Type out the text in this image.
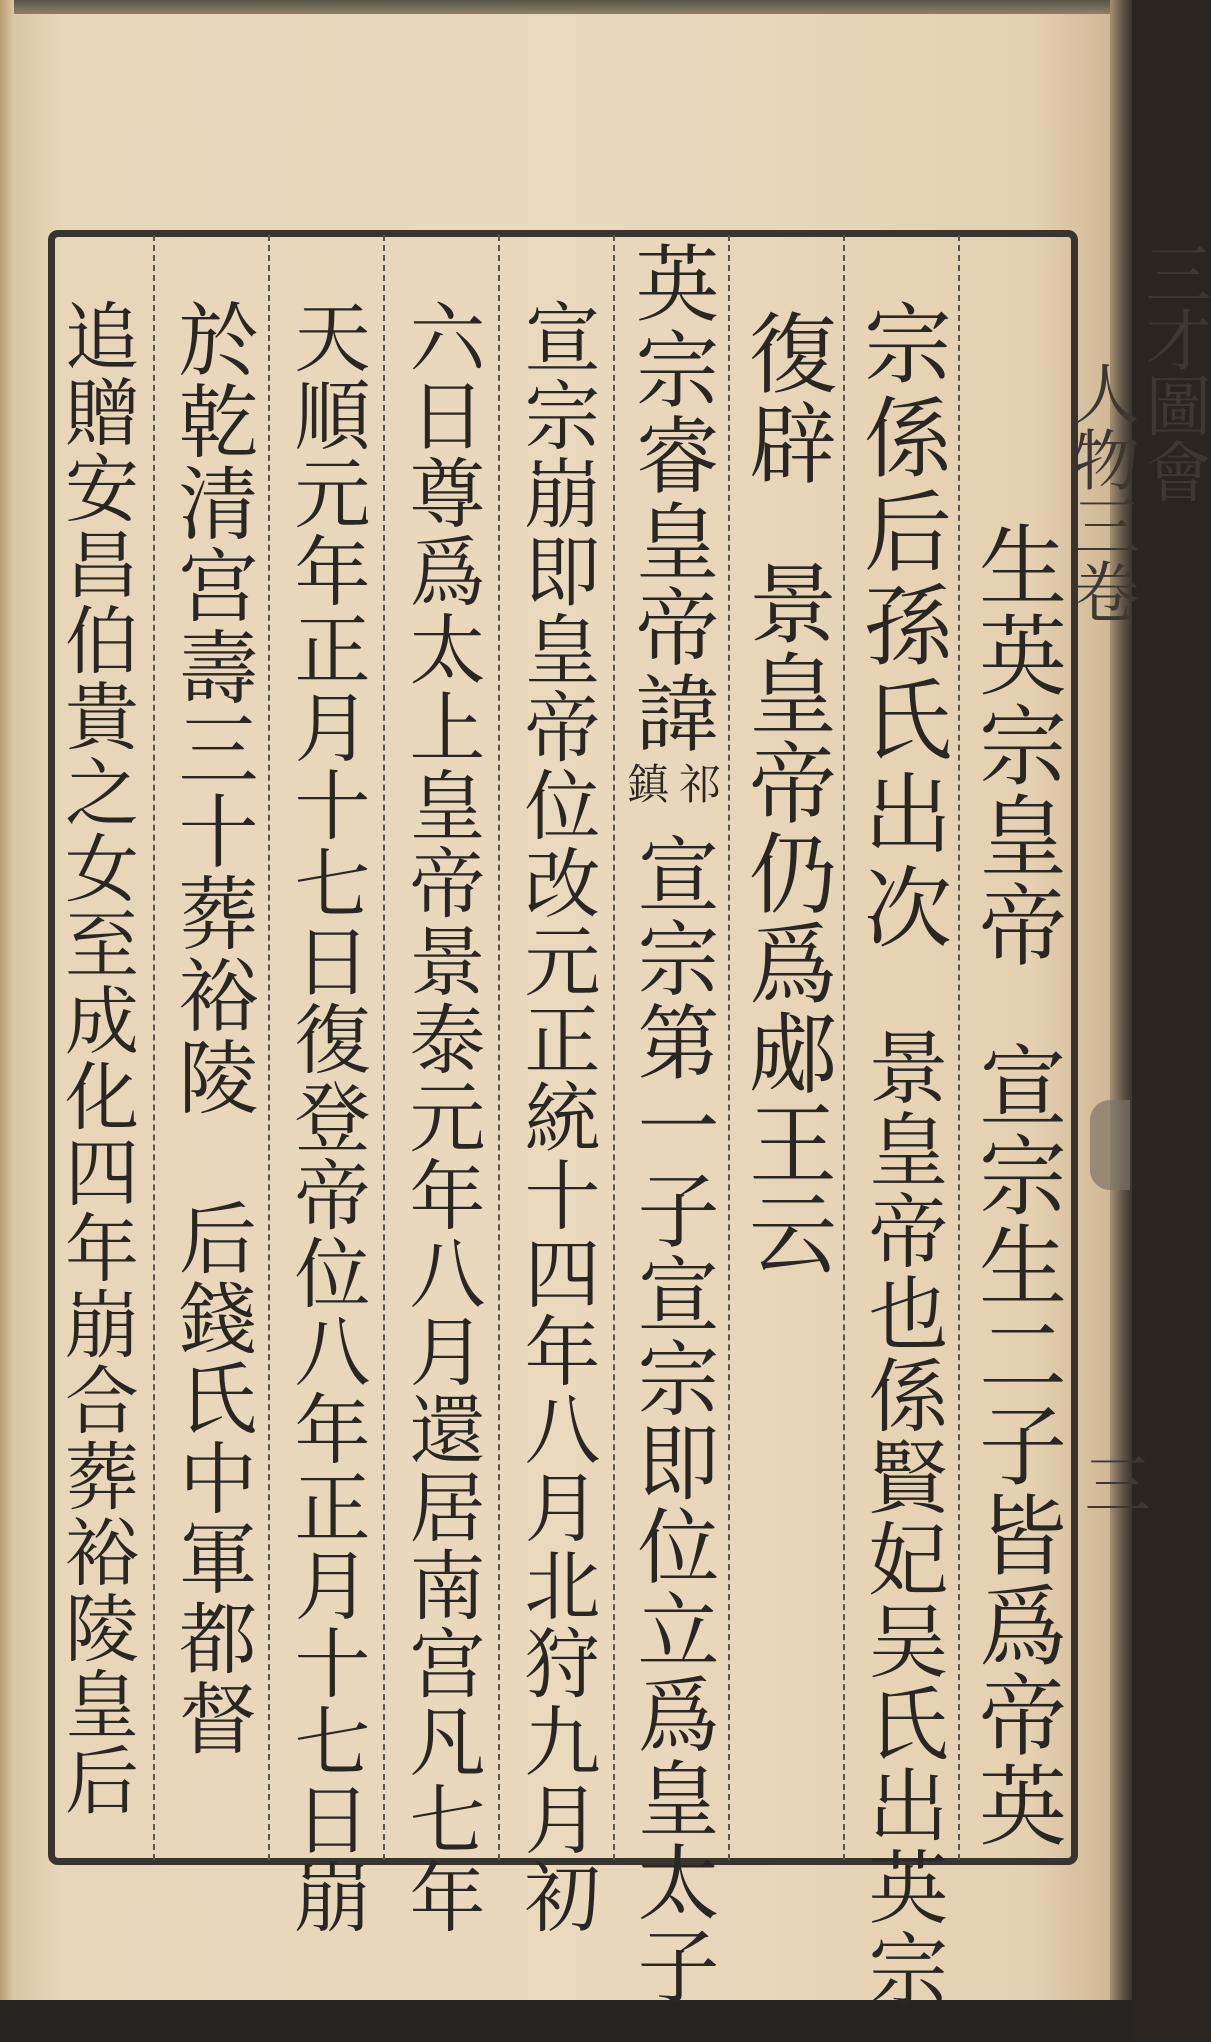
三才圖會
人物三卷
三
生英宗皇帝
宣宗生二子皆爲帝英
宗係后孫氏出次
景皇帝也係賢妃吴氏出英宗
復辟
景皇帝仍爲郕王云
英宗睿皇帝諱
祁
鎮
宣宗第一子宣宗即位立爲皇太子
宣宗崩即皇帝位改元正統十四年八月北狩九月初
六日尊爲太上皇帝景泰元年八月還居南宫凡七年
天順元年正月十七日復登帝位八年正月十七日崩
於乾清宫壽三十葬裕陵
后錢氏中軍都督
追贈安昌伯貴之女至成化四年崩合葬裕陵皇后
